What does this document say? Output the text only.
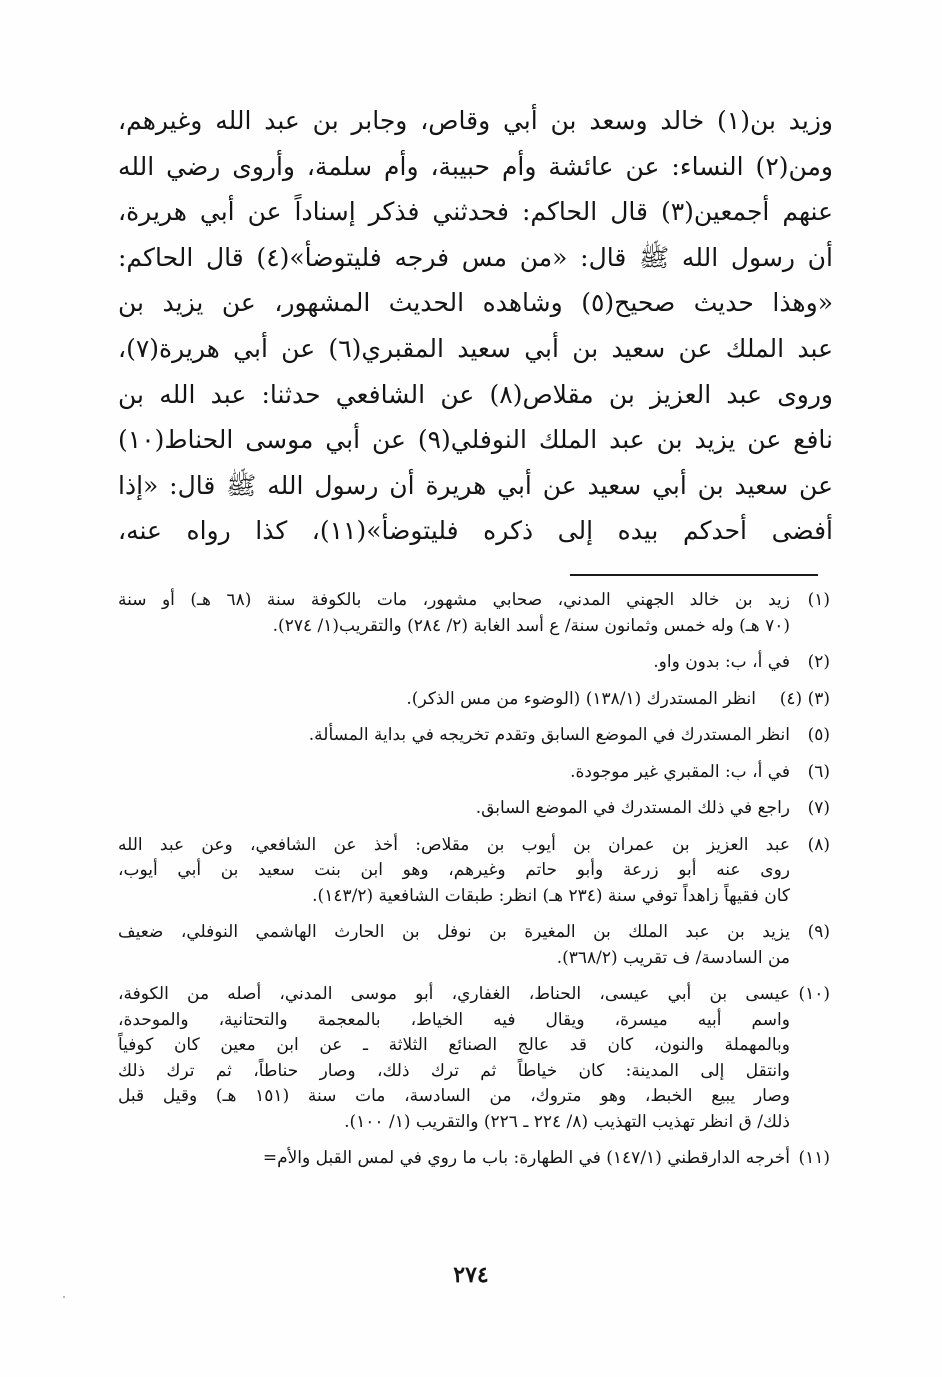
وزيد بن(١) خالد وسعد بن أبي وقاص، وجابر بن عبد الله وغيرهم،
ومن(٢) النساء: عن عائشة وأم حبيبة، وأم سلمة، وأروى رضي الله
عنهم أجمعين(٣) قال الحاكم: فحدثني فذكر إسناداً عن أبي هريرة،
أن رسول الله ﷺ قال: «من مس فرجه فليتوضأ»(٤) قال الحاكم:
«وهذا حديث صحيح(٥) وشاهده الحديث المشهور، عن يزيد بن
عبد الملك عن سعيد بن أبي سعيد المقبري(٦) عن أبي هريرة(٧)،
وروى عبد العزيز بن مقلاص(٨) عن الشافعي حدثنا: عبد الله بن
نافع عن يزيد بن عبد الملك النوفلي(٩) عن أبي موسى الحناط(١٠)
عن سعيد بن أبي سعيد عن أبي هريرة أن رسول الله ﷺ قال: «إذا
أفضى أحدكم بيده إلى ذكره فليتوضأ»(١١)، كذا رواه عنه،
(١)
زيد بن خالد الجهني المدني، صحابي مشهور، مات بالكوفة سنة (٦٨ هـ) أو سنة
(٧٠ هـ) وله خمس وثمانون سنة/ ع أسد الغابة (٢/ ٢٨٤) والتقريب(١/ ٢٧٤).
(٢)
في أ، ب: بدون واو.
(٣) (٤)
انظر المستدرك (١٣٨/١) (الوضوء من مس الذكر).
(٥)
انظر المستدرك في الموضع السابق وتقدم تخريجه في بداية المسألة.
(٦)
في أ، ب: المقبري غير موجودة.
(٧)
راجع في ذلك المستدرك في الموضع السابق.
(٨)
عبد العزيز بن عمران بن أيوب بن مقلاص: أخذ عن الشافعي، وعن عبد الله
روى عنه أبو زرعة وأبو حاتم وغيرهم، وهو ابن بنت سعيد بن أبي أيوب،
كان فقيهاً زاهداً توفي سنة (٢٣٤ هـ) انظر: طبقات الشافعية (١٤٣/٢).
(٩)
يزيد بن عبد الملك بن المغيرة بن نوفل بن الحارث الهاشمي النوفلي، ضعيف
من السادسة/ ف تقريب (٣٦٨/٢).
(١٠)
عيسى بن أبي عيسى، الحناط، الغفاري، أبو موسى المدني، أصله من الكوفة،
واسم أبيه ميسرة، ويقال فيه الخياط، بالمعجمة والتحتانية، والموحدة،
وبالمهملة والنون، كان قد عالج الصنائع الثلاثة ـ عن ابن معين كان كوفياً
وانتقل إلى المدينة: كان خياطاً ثم ترك ذلك، وصار حناطاً، ثم ترك ذلك
وصار يبيع الخبط، وهو متروك، من السادسة، مات سنة (١٥١ هـ) وقيل قبل
ذلك/ ق انظر تهذيب التهذيب (٨/ ٢٢٤ ـ ٢٢٦) والتقريب (١/ ١٠٠).
(١١)
أخرجه الدارقطني (١٤٧/١) في الطهارة: باب ما روي في لمس القبل والأم=
٢٧٤
